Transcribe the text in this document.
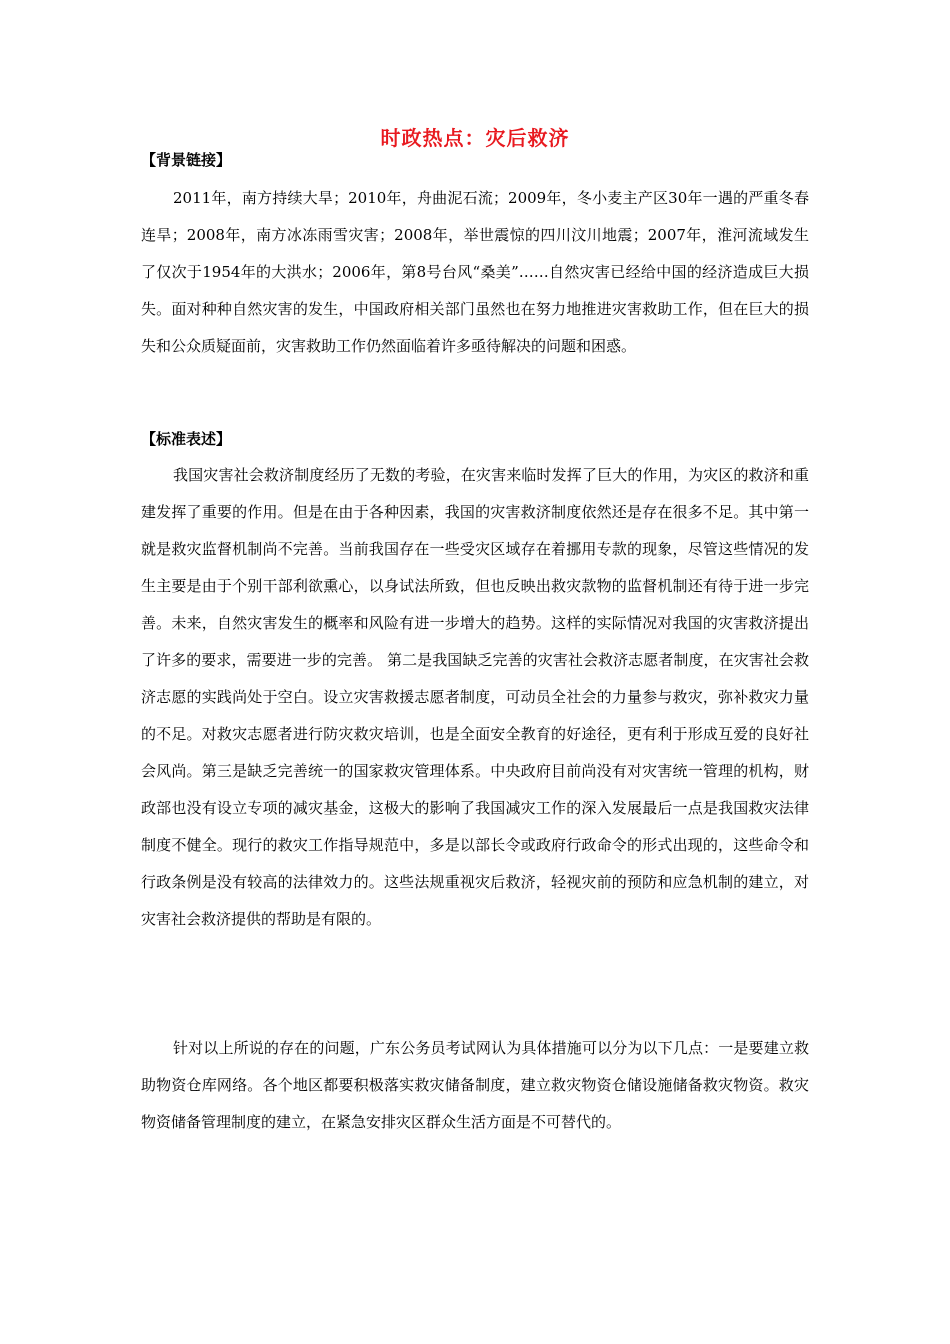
时政热点：灾后救济
【背景链接】

2011年，南方持续大旱；2010年，舟曲泥石流；2009年，冬小麦主产区30年一遇的严重冬春连旱；2008年，南方冰冻雨雪灾害；2008年，举世震惊的四川汶川地震；2007年，淮河流域发生了仅次于1954年的大洪水；2006年，第8号台风“桑美”……自然灾害已经给中国的经济造成巨大损失。面对种种自然灾害的发生，中国政府相关部门虽然也在努力地推进灾害救助工作，但在巨大的损失和公众质疑面前，灾害救助工作仍然面临着许多亟待解决的问题和困惑。

【标准表述】

我国灾害社会救济制度经历了无数的考验，在灾害来临时发挥了巨大的作用，为灾区的救济和重建发挥了重要的作用。但是在由于各种因素，我国的灾害救济制度依然还是存在很多不足。其中第一就是救灾监督机制尚不完善。当前我国存在一些受灾区域存在着挪用专款的现象，尽管这些情况的发生主要是由于个别干部利欲熏心，以身试法所致，但也反映出救灾款物的监督机制还有待于进一步完善。未来，自然灾害发生的概率和风险有进一步增大的趋势。这样的实际情况对我国的灾害救济提出了许多的要求，需要进一步的完善。 第二是我国缺乏完善的灾害社会救济志愿者制度，在灾害社会救济志愿的实践尚处于空白。设立灾害救援志愿者制度，可动员全社会的力量参与救灾，弥补救灾力量的不足。对救灾志愿者进行防灾救灾培训，也是全面安全教育的好途径，更有利于形成互爱的良好社会风尚。第三是缺乏完善统一的国家救灾管理体系。中央政府目前尚没有对灾害统一管理的机构，财政部也没有设立专项的减灾基金，这极大的影响了我国减灾工作的深入发展最后一点是我国救灾法律制度不健全。现行的救灾工作指导规范中，多是以部长令或政府行政命令的形式出现的，这些命令和行政条例是没有较高的法律效力的。这些法规重视灾后救济，轻视灾前的预防和应急机制的建立，对灾害社会救济提供的帮助是有限的。

针对以上所说的存在的问题，广东公务员考试网认为具体措施可以分为以下几点：一是要建立救助物资仓库网络。各个地区都要积极落实救灾储备制度，建立救灾物资仓储设施储备救灾物资。救灾物资储备管理制度的建立，在紧急安排灾区群众生活方面是不可替代的。
